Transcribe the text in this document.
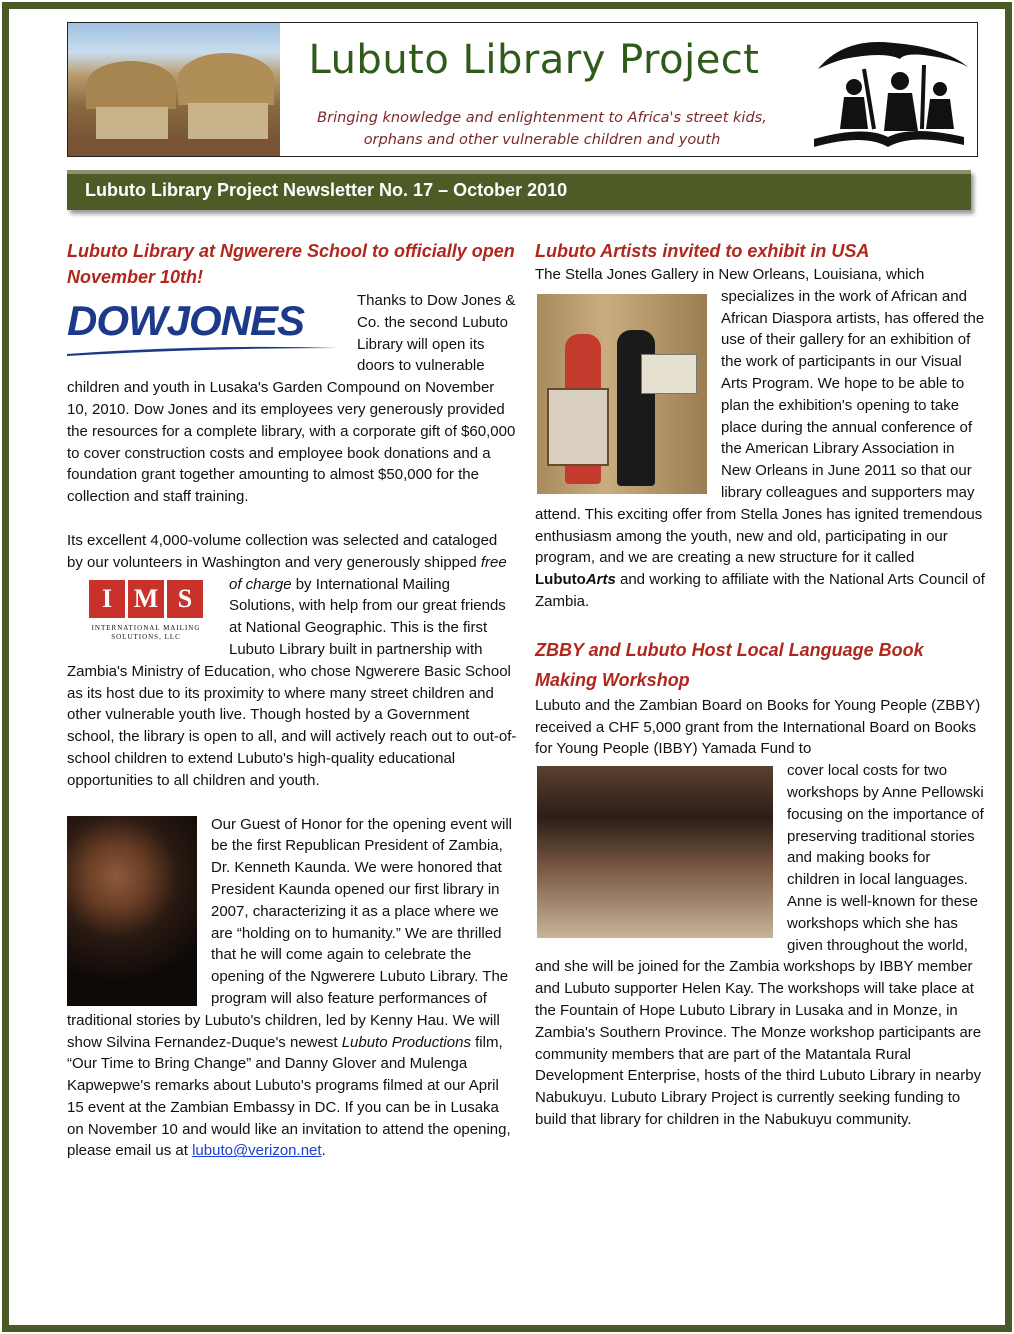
Lubuto Library Project
Bringing knowledge and enlightenment to Africa's street kids,
orphans and other vulnerable children and youth
Lubuto Library Project Newsletter No. 17 – October 2010
Lubuto Library at Ngwerere School to officially open November 10th!
DOWJONES	Thanks to Dow Jones & Co. the second Lubuto Library will open its doors to vulnerable children and youth in Lusaka's Garden Compound on November 10, 2010. Dow Jones and its employees very generously provided the resources for a complete library, with a corporate gift of $60,000 to cover construction costs and employee book donations and a foundation grant together amounting to almost $50,000 for the collection and staff training.

Its excellent 4,000-volume collection was selected and cataloged by our volunteers in Washington and very generously shipped free of charge
I M S
INTERNATIONAL MAILING SOLUTIONS, LLC
by International Mailing Solutions, with help from our great friends at National Geographic. This is the first Lubuto Library built in partnership with Zambia's Ministry of Education, who chose Ngwerere Basic School as its host due to its proximity to where many street children and other vulnerable youth live. Though hosted by a Government school, the library is open to all, and will actively reach out to out-of-school children to extend Lubuto's high-quality educational opportunities to all children and youth.

Our Guest of Honor for the opening event will be the first Republican President of Zambia, Dr. Kenneth Kaunda. We were honored that President Kaunda opened our first library in 2007, characterizing it as a place where we are “holding on to humanity.” We are thrilled that he will come again to celebrate the opening of the Ngwerere Lubuto Library. The program will also feature performances of traditional stories by Lubuto's children, led by Kenny Hau. We will show Silvina Fernandez-Duque's newest Lubuto Productions film, “Our Time to Bring Change” and Danny Glover and Mulenga Kapwepwe's remarks about Lubuto's programs filmed at our April 15 event at the Zambian Embassy in DC. If you can be in Lusaka on November 10 and would like an invitation to attend the opening, please email us at lubuto@verizon.net.

Lubuto Artists invited to exhibit in USA
The Stella Jones Gallery in New Orleans, Louisiana, which

specializes in the work of African and African Diaspora artists, has offered the use of their gallery for an exhibition of the work of participants in our Visual Arts Program. We hope to be able to plan the exhibition's opening to take place during the annual conference of the American Library Association in New Orleans in June 2011 so that our library colleagues and supporters may attend. This exciting offer from Stella Jones has ignited tremendous enthusiasm among the youth, new and old, participating in our program, and we are creating a new structure for it called LubutoArts and working to affiliate with the National Arts Council of Zambia.

ZBBY and Lubuto Host Local Language Book Making Workshop
Lubuto and the Zambian Board on Books for Young People (ZBBY) received a CHF 5,000 grant from the International Board on Books for Young People (IBBY) Yamada Fund to

cover local costs for two workshops by Anne Pellowski focusing on the importance of preserving traditional stories and making books for children in local languages. Anne is well-known for these workshops which she has given throughout the world, and she will be joined for the Zambia workshops by IBBY member and Lubuto supporter Helen Kay. The workshops will take place at the Fountain of Hope Lubuto Library in Lusaka and in Monze, in Zambia's Southern Province. The Monze workshop participants are community members that are part of the Matantala Rural Development Enterprise, hosts of the third Lubuto Library in nearby Nabukuyu. Lubuto Library Project is currently seeking funding to build that library for children in the Nabukuyu community.
